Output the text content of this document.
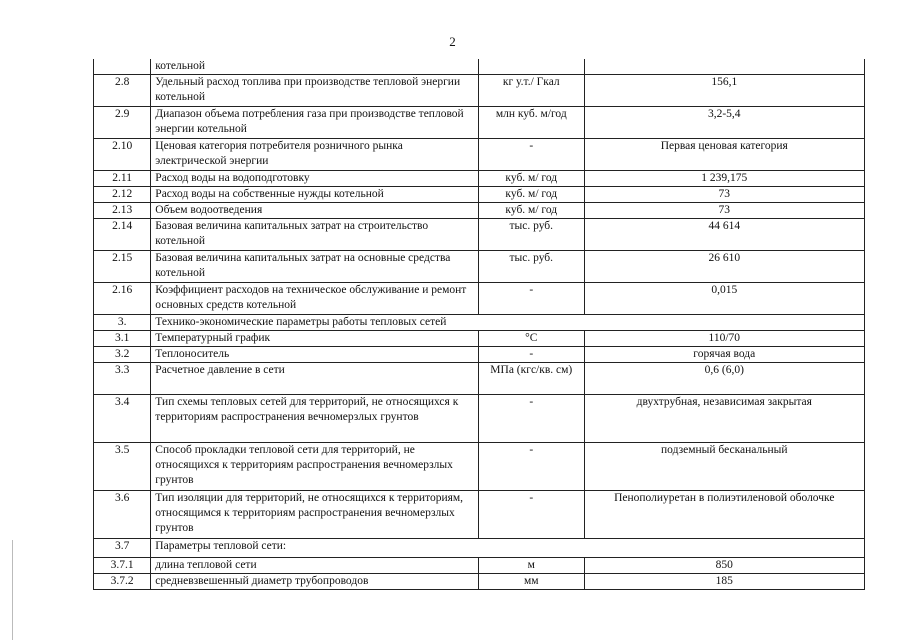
2
	котельной		
2.8	Удельный расход топлива при производстве тепловой энергии котельной	кг у.т./ Гкал	156,1
2.9	Диапазон объема потребления газа при производстве тепловой энергии котельной	млн куб. м/год	3,2-5,4
2.10	Ценовая категория потребителя розничного рынка электрической энергии	-	Первая ценовая категория
2.11	Расход воды на водоподготовку	куб. м/ год	1 239,175
2.12	Расход воды на собственные нужды котельной	куб. м/ год	73
2.13	Объем водоотведения	куб. м/ год	73
2.14	Базовая величина капитальных затрат на строительство котельной	тыс. руб.	44 614
2.15	Базовая величина капитальных затрат на основные средства котельной	тыс. руб.	26 610
2.16	Коэффициент расходов на техническое обслуживание и ремонт основных средств котельной	-	0,015
3.	Технико-экономические параметры работы тепловых сетей		
3.1	Температурный график	°С	110/70
3.2	Теплоноситель	-	горячая вода
3.3	Расчетное давление в сети	МПа (кгс/кв. см)	0,6 (6,0)
3.4	Тип схемы тепловых сетей для территорий, не относящихся к территориям распространения вечномерзлых грунтов	-	двухтрубная, независимая закрытая
3.5	Способ прокладки тепловой сети для территорий, не относящихся к территориям распространения вечномерзлых грунтов	-	подземный бесканальный
3.6	Тип изоляции для территорий, не относящихся к территориям, относящимся к территориям распространения вечномерзлых грунтов	-	Пенополиуретан в полиэтиленовой оболочке
3.7	Параметры тепловой сети:		
3.7.1	длина тепловой сети	м	850
3.7.2	средневзвешенный диаметр трубопроводов	мм	185
